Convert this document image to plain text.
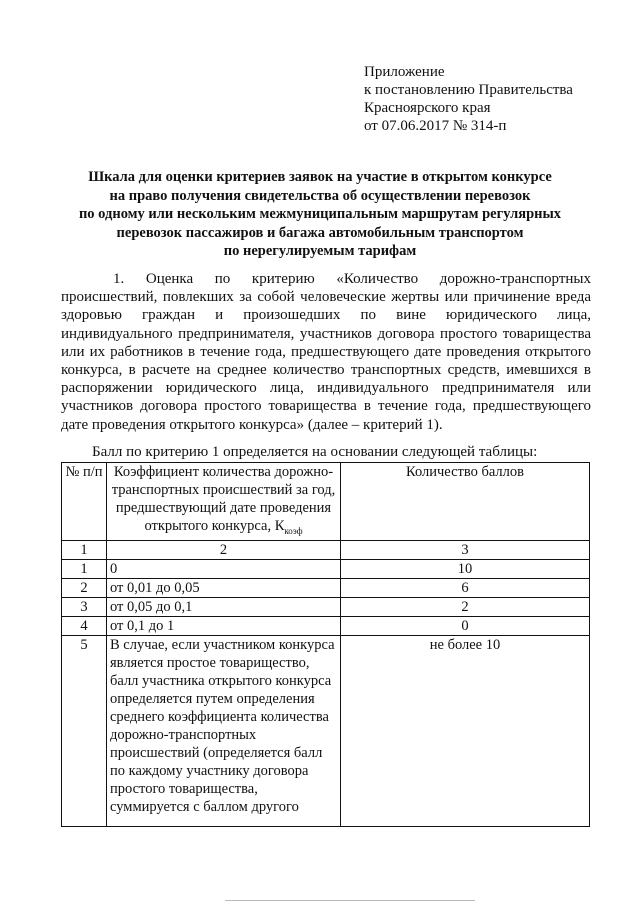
Приложение
к постановлению Правительства
Красноярского края
от 07.06.2017 № 314-п
Шкала для оценки критериев заявок на участие в открытом конкурсе
на право получения свидетельства об осуществлении перевозок
по одному или нескольким межмуниципальным маршрутам регулярных
перевозок пассажиров и багажа автомобильным транспортом
по нерегулируемым тарифам

1. Оценка по критерию «Количество дорожно-транспортных происшествий, повлекших за собой человеческие жертвы или причинение вреда здоровью граждан и произошедших по вине юридического лица, индивидуального предпринимателя, участников договора простого товарищества или их работников в течение года, предшествующего дате проведения открытого конкурса, в расчете на среднее количество транспортных средств, имевшихся в распоряжении юридического лица, индивидуального предпринимателя или участников договора простого товарищества в течение года, предшествующего дате проведения открытого конкурса» (далее – критерий 1).

Балл по критерию 1 определяется на основании следующей таблицы:
№ п/п	Коэффициент количества дорожно-транспортных происшествий за год, предшествующий дате проведения открытого конкурса, $К_{коэф}$	Количество баллов
1	2	3
1	0	10
2	от 0,01 до 0,05	6
3	от 0,05 до 0,1	2
4	от 0,1 до 1	0
5	В случае, если участником конкурса является простое товарищество, балл участника открытого конкурса определяется путем определения среднего коэффициента количества дорожно-транспортных происшествий (определяется балл по каждому участнику договора простого товарищества, суммируется с баллом другого	не более 10
